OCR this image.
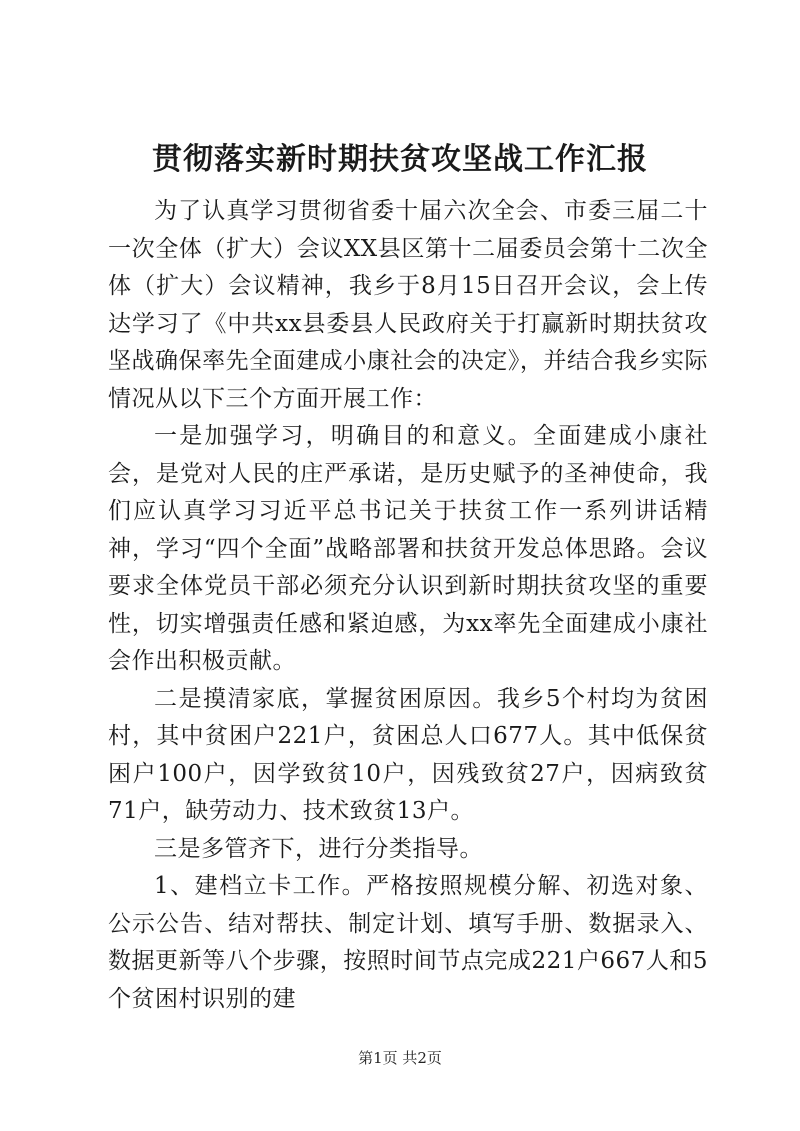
贯彻落实新时期扶贫攻坚战工作汇报

为了认真学习贯彻省委十届六次全会、市委三届二十一次全体（扩大）会议XX县区第十二届委员会第十二次全体（扩大）会议精神，我乡于8月15日召开会议，会上传达学习了《中共xx县委县人民政府关于打赢新时期扶贫攻坚战确保率先全面建成小康社会的决定》，并结合我乡实际情况从以下三个方面开展工作：

一是加强学习，明确目的和意义。全面建成小康社会，是党对人民的庄严承诺，是历史赋予的圣神使命，我们应认真学习习近平总书记关于扶贫工作一系列讲话精神，学习“四个全面”战略部署和扶贫开发总体思路。会议要求全体党员干部必须充分认识到新时期扶贫攻坚的重要性，切实增强责任感和紧迫感，为xx率先全面建成小康社会作出积极贡献。

二是摸清家底，掌握贫困原因。我乡5个村均为贫困村，其中贫困户221户，贫困总人口677人。其中低保贫困户100户，因学致贫10户，因残致贫27户，因病致贫71户，缺劳动力、技术致贫13户。

三是多管齐下，进行分类指导。

1、建档立卡工作。严格按照规模分解、初选对象、公示公告、结对帮扶、制定计划、填写手册、数据录入、数据更新等八个步骤，按照时间节点完成221户667人和5个贫困村识别的建

第1页 共2页
